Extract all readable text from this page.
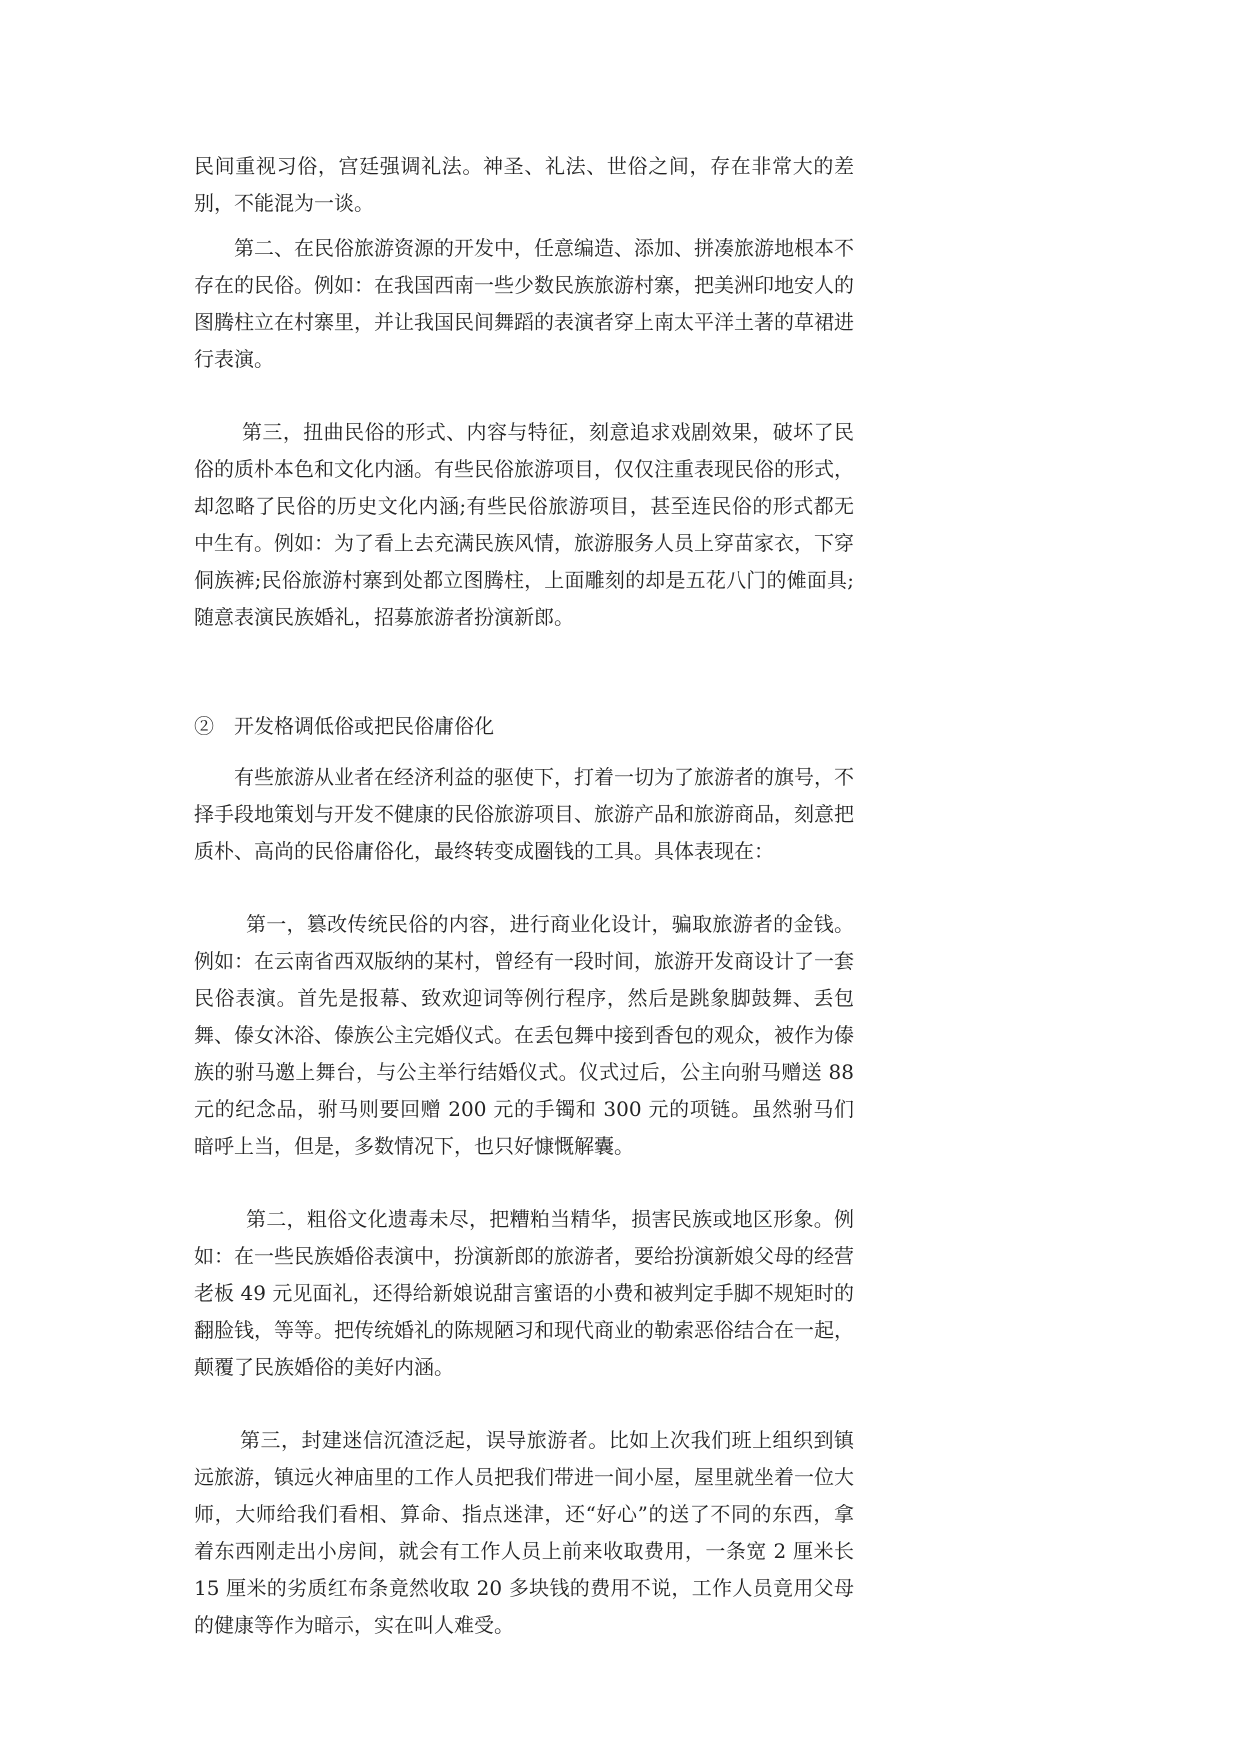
民间重视习俗，宫廷强调礼法。神圣、礼法、世俗之间，存在非常大的差别，不能混为一谈。

第二、在民俗旅游资源的开发中，任意编造、添加、拼凑旅游地根本不存在的民俗。例如：在我国西南一些少数民族旅游村寨，把美洲印地安人的图腾柱立在村寨里，并让我国民间舞蹈的表演者穿上南太平洋土著的草裙进行表演。

第三，扭曲民俗的形式、内容与特征，刻意追求戏剧效果，破坏了民俗的质朴本色和文化内涵。有些民俗旅游项目，仅仅注重表现民俗的形式，却忽略了民俗的历史文化内涵;有些民俗旅游项目，甚至连民俗的形式都无中生有。例如：为了看上去充满民族风情，旅游服务人员上穿苗家衣，下穿侗族裤;民俗旅游村寨到处都立图腾柱，上面雕刻的却是五花八门的傩面具;随意表演民族婚礼，招募旅游者扮演新郎。

②　开发格调低俗或把民俗庸俗化

有些旅游从业者在经济利益的驱使下，打着一切为了旅游者的旗号，不择手段地策划与开发不健康的民俗旅游项目、旅游产品和旅游商品，刻意把质朴、高尚的民俗庸俗化，最终转变成圈钱的工具。具体表现在：

第一，篡改传统民俗的内容，进行商业化设计，骗取旅游者的金钱。例如：在云南省西双版纳的某村，曾经有一段时间，旅游开发商设计了一套民俗表演。首先是报幕、致欢迎词等例行程序，然后是跳象脚鼓舞、丢包舞、傣女沐浴、傣族公主完婚仪式。在丢包舞中接到香包的观众，被作为傣族的驸马邀上舞台，与公主举行结婚仪式。仪式过后，公主向驸马赠送 88 元的纪念品，驸马则要回赠 200 元的手镯和 300 元的项链。虽然驸马们暗呼上当，但是，多数情况下，也只好慷慨解囊。

第二，粗俗文化遗毒未尽，把糟粕当精华，损害民族或地区形象。例如：在一些民族婚俗表演中，扮演新郎的旅游者，要给扮演新娘父母的经营老板 49 元见面礼，还得给新娘说甜言蜜语的小费和被判定手脚不规矩时的翻脸钱，等等。把传统婚礼的陈规陋习和现代商业的勒索恶俗结合在一起，颠覆了民族婚俗的美好内涵。

第三，封建迷信沉渣泛起，误导旅游者。比如上次我们班上组织到镇远旅游，镇远火神庙里的工作人员把我们带进一间小屋，屋里就坐着一位大师，大师给我们看相、算命、指点迷津，还“好心”的送了不同的东西，拿着东西刚走出小房间，就会有工作人员上前来收取费用，一条宽 2 厘米长 15 厘米的劣质红布条竟然收取 20 多块钱的费用不说，工作人员竟用父母的健康等作为暗示，实在叫人难受。
